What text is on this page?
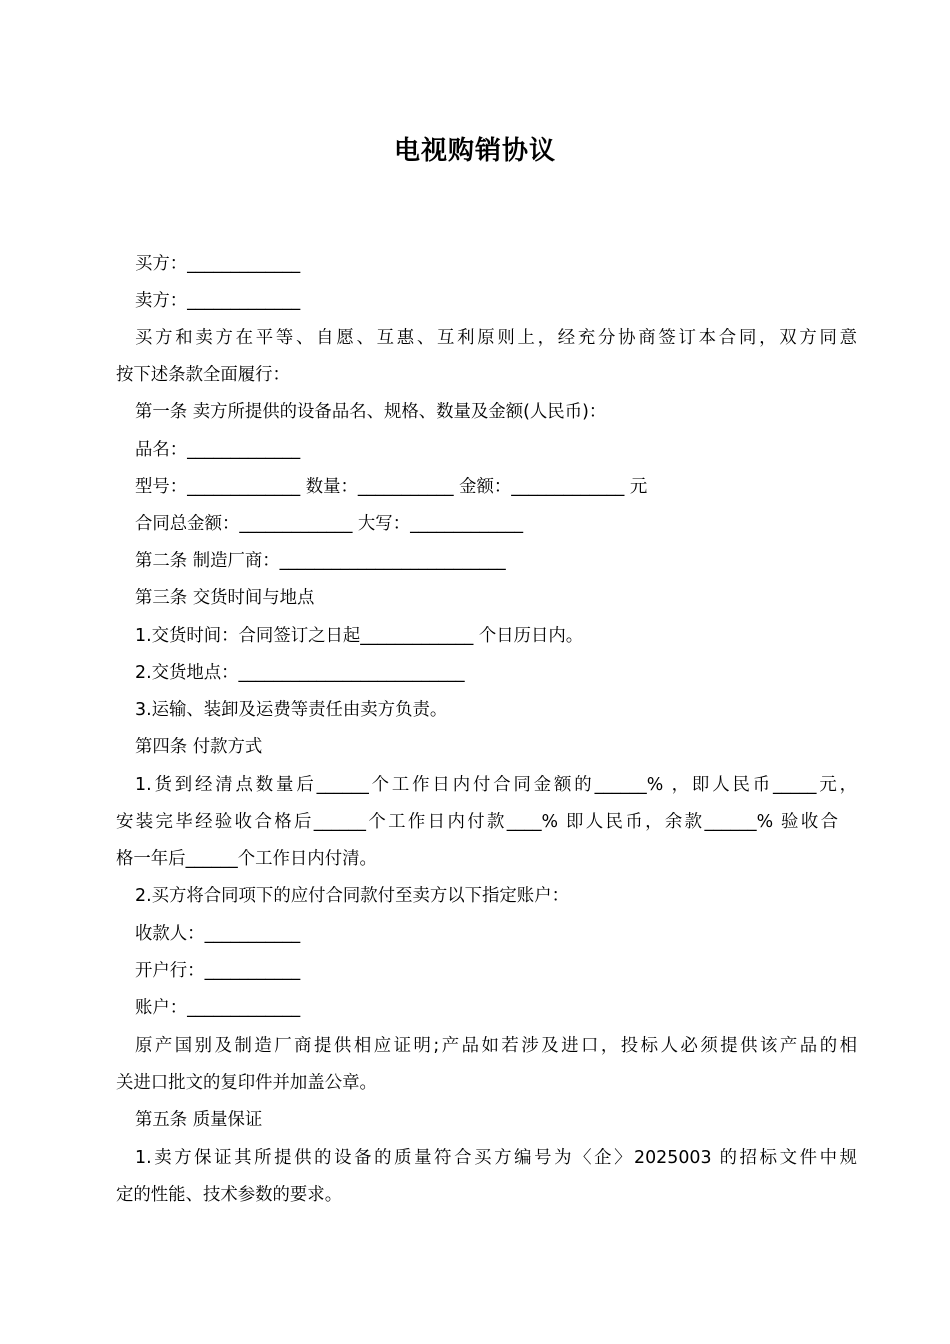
电视购销协议
买方：_____________
卖方：_____________
买方和卖方在平等、自愿、互惠、互利原则上，经充分协商签订本合同，双方同意
按下述条款全面履行：
第一条 卖方所提供的设备品名、规格、数量及金额(人民币)：
品名：_____________
型号：_____________ 数量：___________ 金额：_____________ 元
合同总金额：_____________ 大写：_____________
第二条 制造厂商：__________________________
第三条 交货时间与地点
1.交货时间：合同签订之日起_____________ 个日历日内。
2.交货地点：__________________________
3.运输、装卸及运费等责任由卖方负责。
第四条 付款方式
1.货到经清点数量后______个工作日内付合同金额的______% ，即人民币_____元，
安装完毕经验收合格后______个工作日内付款____% 即人民币，余款______% 验收合
格一年后______个工作日内付清。
2.买方将合同项下的应付合同款付至卖方以下指定账户：
收款人：___________
开户行：___________
账户：_____________
原产国别及制造厂商提供相应证明;产品如若涉及进口，投标人必须提供该产品的相
关进口批文的复印件并加盖公章。
第五条 质量保证
1.卖方保证其所提供的设备的质量符合买方编号为〈企〉2025003 的招标文件中规
定的性能、技术参数的要求。
